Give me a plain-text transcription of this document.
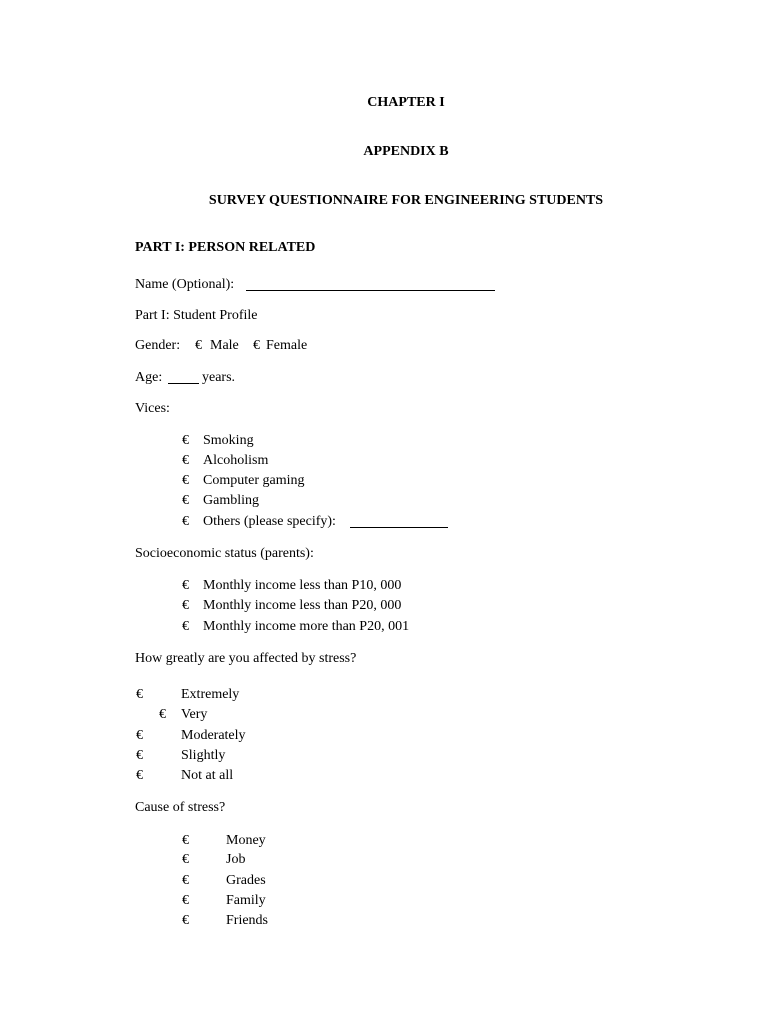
CHAPTER I
APPENDIX B
SURVEY QUESTIONNAIRE FOR ENGINEERING STUDENTS
PART I: PERSON RELATED
Name (Optional):
Part I: Student Profile
Gender: € Male € Female
Age:	years.
Vices:
€ Smoking
€ Alcoholism
€ Computer gaming
€ Gambling
€ Others (please specify):
Socioeconomic status (parents):
€ Monthly income less than P10, 000
€ Monthly income less than P20, 000
€ Monthly income more than P20, 001
How greatly are you affected by stress?
€	Extremely
€ Very
€	Moderately
€	Slightly
€	Not at all
Cause of stress?
€	Money
€	Job
€	Grades
€	Family
€	Friends
